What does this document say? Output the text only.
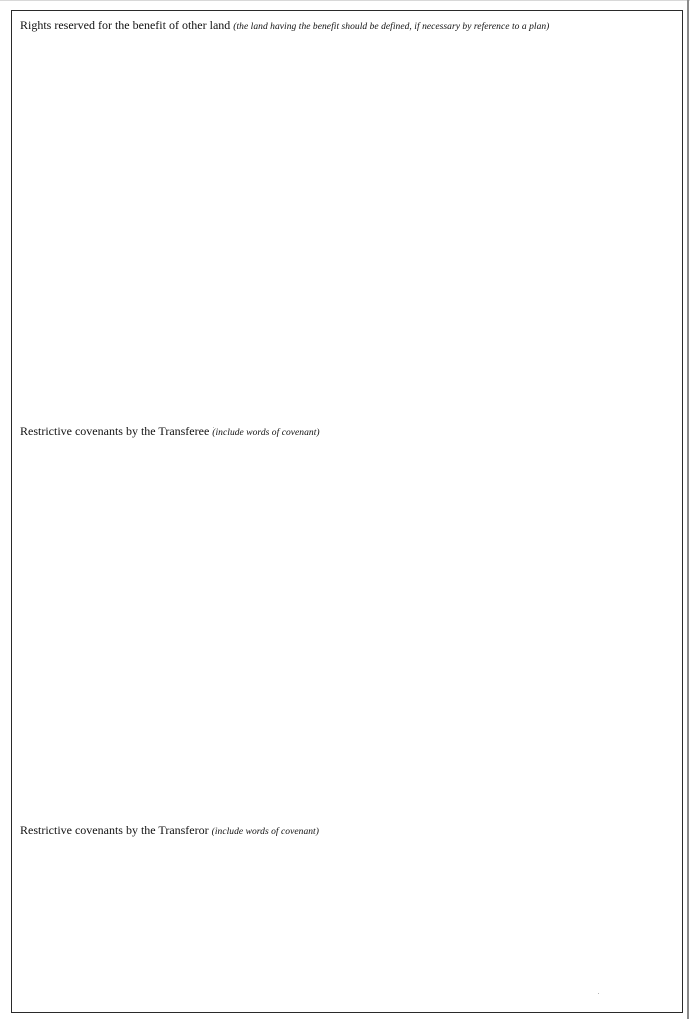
Rights reserved for the benefit of other land (the land having the benefit should be defined, if necessary by reference to a plan)
Restrictive covenants by the Transferee (include words of covenant)
Restrictive covenants by the Transferor (include words of covenant)
